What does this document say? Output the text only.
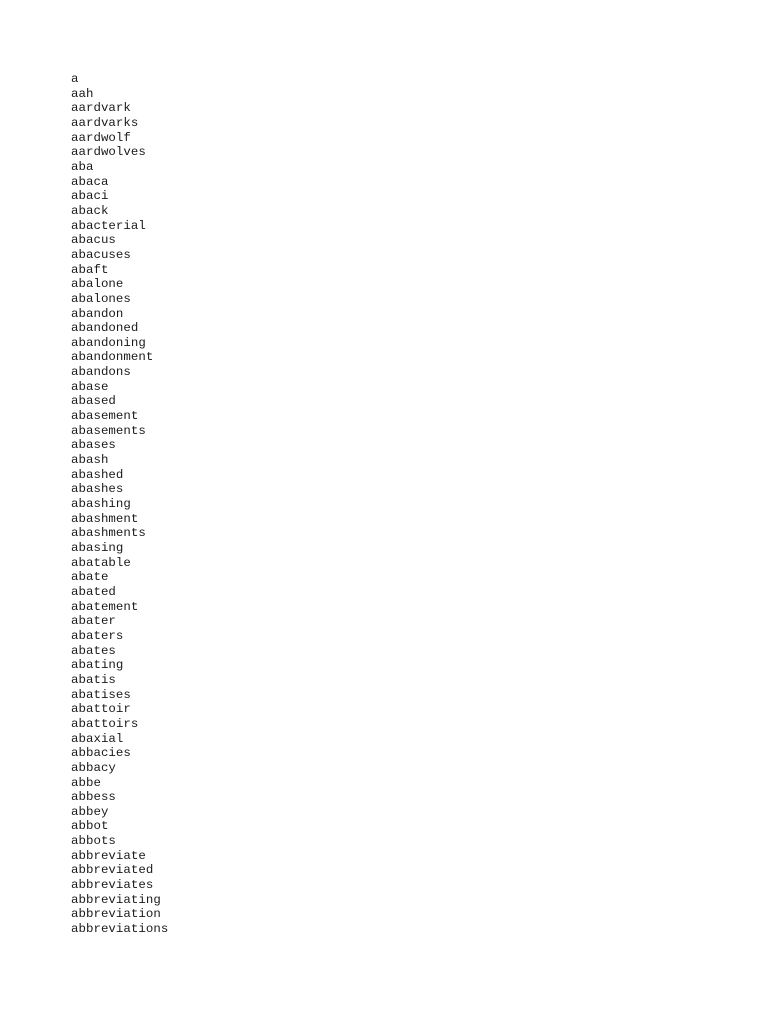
a
aah
aardvark
aardvarks
aardwolf
aardwolves
aba
abaca
abaci
aback
abacterial
abacus
abacuses
abaft
abalone
abalones
abandon
abandoned
abandoning
abandonment
abandons
abase
abased
abasement
abasements
abases
abash
abashed
abashes
abashing
abashment
abashments
abasing
abatable
abate
abated
abatement
abater
abaters
abates
abating
abatis
abatises
abattoir
abattoirs
abaxial
abbacies
abbacy
abbe
abbess
abbey
abbot
abbots
abbreviate
abbreviated
abbreviates
abbreviating
abbreviation
abbreviations
